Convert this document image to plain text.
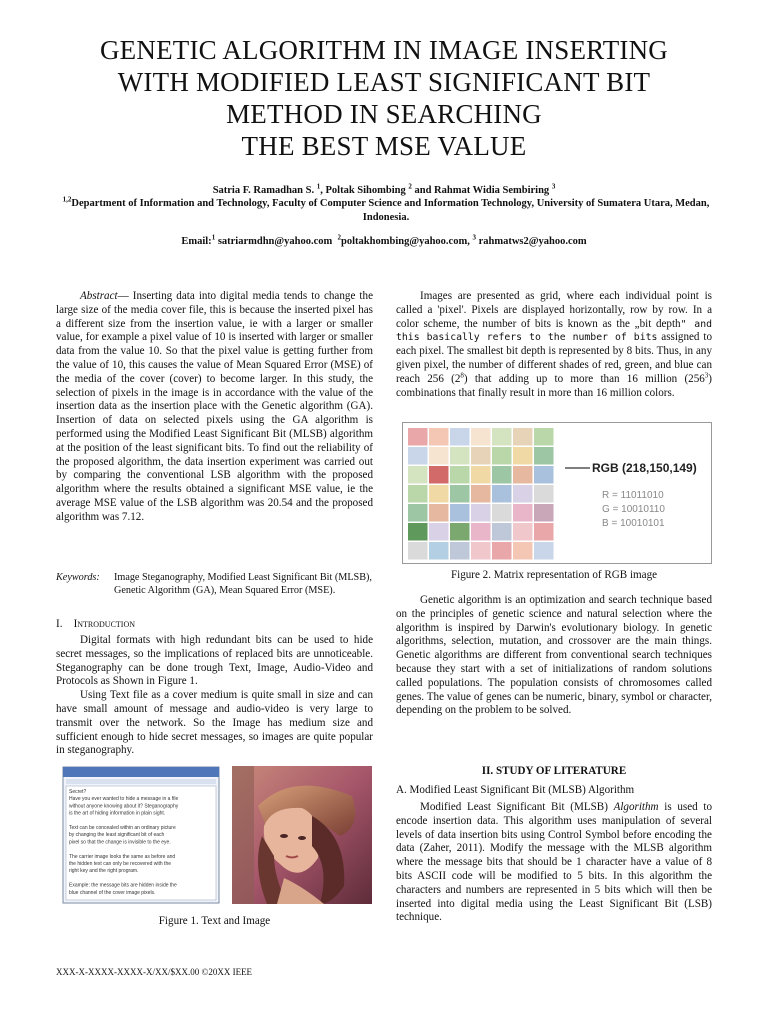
GENETIC ALGORITHM IN IMAGE INSERTING
WITH MODIFIED LEAST SIGNIFICANT BIT
METHOD IN SEARCHING
THE BEST MSE VALUE
Satria F. Ramadhan S. $^1$, Poltak Sihombing $^2$ and Rahmat Widia Sembiring $^3$
$^{1,2}$Department of Information and Technology, Faculty of Computer Science and Information Technology, University of Sumatera Utara, Medan, Indonesia.
Email:$^1$ satriarmdhn@yahoo.com $^2$poltakhombing@yahoo.com, $^3$ rahmatws2@yahoo.com

Abstract— Inserting data into digital media tends to change the large size of the media cover file, this is because the inserted pixel has a different size from the insertion value, ie with a larger or smaller value, for example a pixel value of 10 is inserted with larger or smaller data from the value 10. So that the pixel value is getting further from the value of 10, this causes the value of Mean Squared Error (MSE) of the media of the cover (cover) to become larger. In this study, the selection of pixels in the image is in accordance with the value of the insertion data as the insertion place with the Genetic algorithm (GA). Insertion of data on selected pixels using the GA algorithm is performed using the Modified Least Significant Bit (MLSB) algorithm at the position of the least significant bits. To find out the reliability of the proposed algorithm, the data insertion experiment was carried out by comparing the conventional LSB algorithm with the proposed algorithm where the results obtained a significant MSE value, ie the average MSE value of the LSB algorithm was 20.54 and the proposed algorithm was 7.12.

Keywords:	Image Steganography, Modified Least Significant Bit (MLSB), Genetic Algorithm (GA), Mean Squared Error (MSE).
I. Introduction

Digital formats with high redundant bits can be used to hide secret messages, so the implications of replaced bits are unnoticeable. Steganography can be done trough Text, Image, Audio-Video and Protocols as Shown in Figure 1.

Using Text file as a cover medium is quite small in size and can have small amount of message and audio-video is very large to transmit over the network. So the Image has medium size and sufficient enough to hide secret messages, so images are quite popular in steganography.

Secret?
Have you ever wanted to hide a message in a file
without anyone knowing about it? Steganography
is the art of hiding information in plain sight.
Text can be concealed within an ordinary picture
by changing the least significant bit of each
pixel so that the change is invisible to the eye.
The carrier image looks the same as before and
the hidden text can only be recovered with the
right key and the right program.
Example: the message bits are hidden inside the
blue channel of the cover image pixels.
Figure 1. Text and Image

Images are presented as grid, where each individual point is called a 'pixel'. Pixels are displayed horizontally, row by row. In a color scheme, the number of bits is known as the „bit depth" and this basically refers to the number of bits assigned to each pixel. The smallest bit depth is represented by 8 bits. Thus, in any given pixel, the number of different shades of red, green, and blue can reach 256 $(2^8)$ that adding up to more than 16 million $(256^3)$ combinations that finally result in more than 16 million colors.

RGB (218,150,149)
R = 11011010
G = 10010110
B = 10010101
Figure 2. Matrix representation of RGB image

Genetic algorithm is an optimization and search technique based on the principles of genetic science and natural selection where the algorithm is inspired by Darwin's evolutionary biology. In genetic algorithms, selection, mutation, and crossover are the main things. Genetic algorithms are different from conventional search techniques because they start with a set of initializations of random solutions called populations. The population consists of chromosomes called genes. The value of genes can be numeric, binary, symbol or character, depending on the problem to be solved.

II. STUDY OF LITERATURE
A. Modified Least Significant Bit (MLSB) Algorithm

Modified Least Significant Bit (MLSB) Algorithm is used to encode insertion data. This algorithm uses manipulation of several levels of data insertion bits using Control Symbol before encoding the data (Zaher, 2011). Modify the message with the MLSB algorithm where the message bits that should be 1 character have a value of 8 bits ASCII code will be modified to 5 bits. In this algorithm the characters and numbers are represented in 5 bits which will then be inserted into digital media using the Least Significant Bit (LSB) technique.

XXX-X-XXXX-XXXX-X/XX/$XX.00 ©20XX IEEE
